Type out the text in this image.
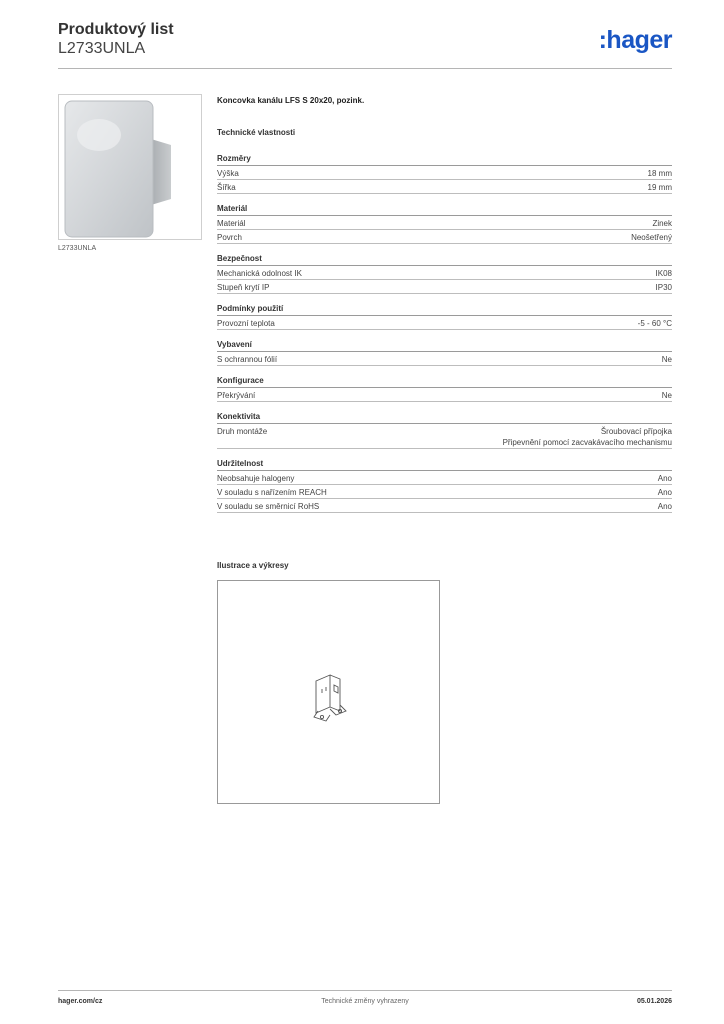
Produktový list
L2733UNLA	:hager
L2733UNLA
Koncovka kanálu LFS S 20x20, pozink.
Technické vlastnosti
Rozměry
Výška	18 mm
Šířka	19 mm
Materiál
Materiál	Zinek
Povrch	Neošetřený
Bezpečnost
Mechanická odolnost IK	IK08
Stupeň krytí IP	IP30
Podmínky použití
Provozní teplota	-5 - 60 °C
Vybavení
S ochrannou fólií	Ne
Konfigurace
Překrývání	Ne
Konektivita
Druh montáže	Šroubovací přípojka
Připevnění pomocí zacvakávacího mechanismu
Udržitelnost
Neobsahuje halogeny	Ano
V souladu s nařízením REACH	Ano
V souladu se směrnicí RoHS	Ano
Ilustrace a výkresy
hager.com/cz	Technické změny vyhrazeny	05.01.2026
